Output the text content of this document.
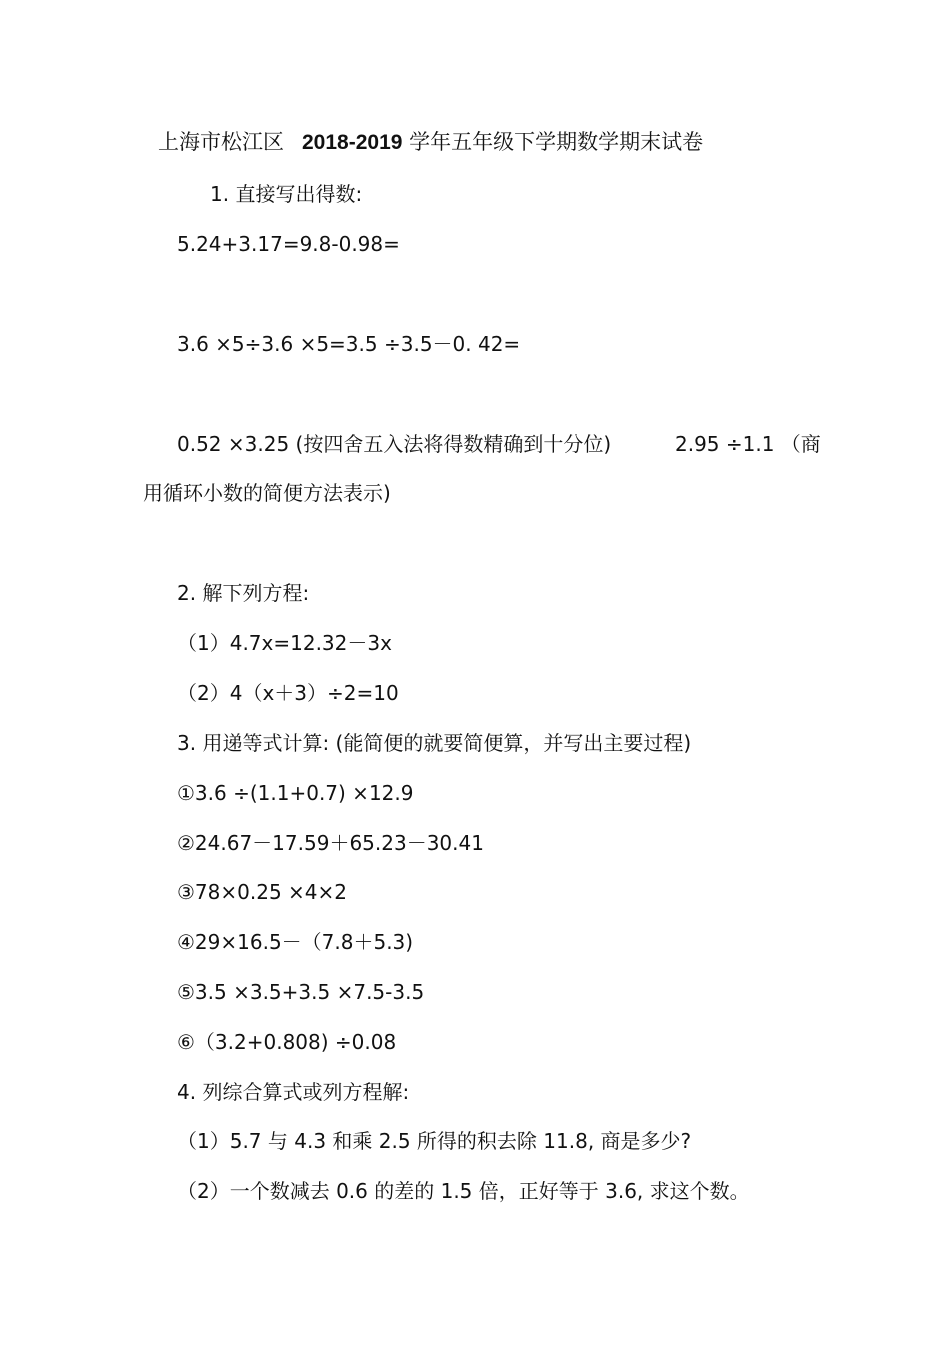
上海市松江区 2018-2019 学年五年级下学期数学期末试卷
1. 直接写出得数:
5.24+3.17=9.8-0.98=
3.6 ×5÷3.6 ×5=3.5 ÷3.5－0. 42=
0.52 ×3.25 (按四舍五入法将得数精确到十分位)	2.95 ÷1.1 （商
用循环小数的简便方法表示)
2. 解下列方程:
（1）4.7x=12.32－3x
（2）4（x＋3）÷2=10
3. 用递等式计算: (能简便的就要简便算，并写出主要过程)
①3.6 ÷(1.1+0.7) ×12.9
②24.67－17.59＋65.23－30.41
③78×0.25 ×4×2
④29×16.5－（7.8＋5.3)
⑤3.5 ×3.5+3.5 ×7.5-3.5
⑥（3.2+0.808) ÷0.08
4. 列综合算式或列方程解:
（1）5.7 与 4.3 和乘 2.5 所得的积去除 11.8, 商是多少?
（2）一个数减去 0.6 的差的 1.5 倍，正好等于 3.6, 求这个数。
